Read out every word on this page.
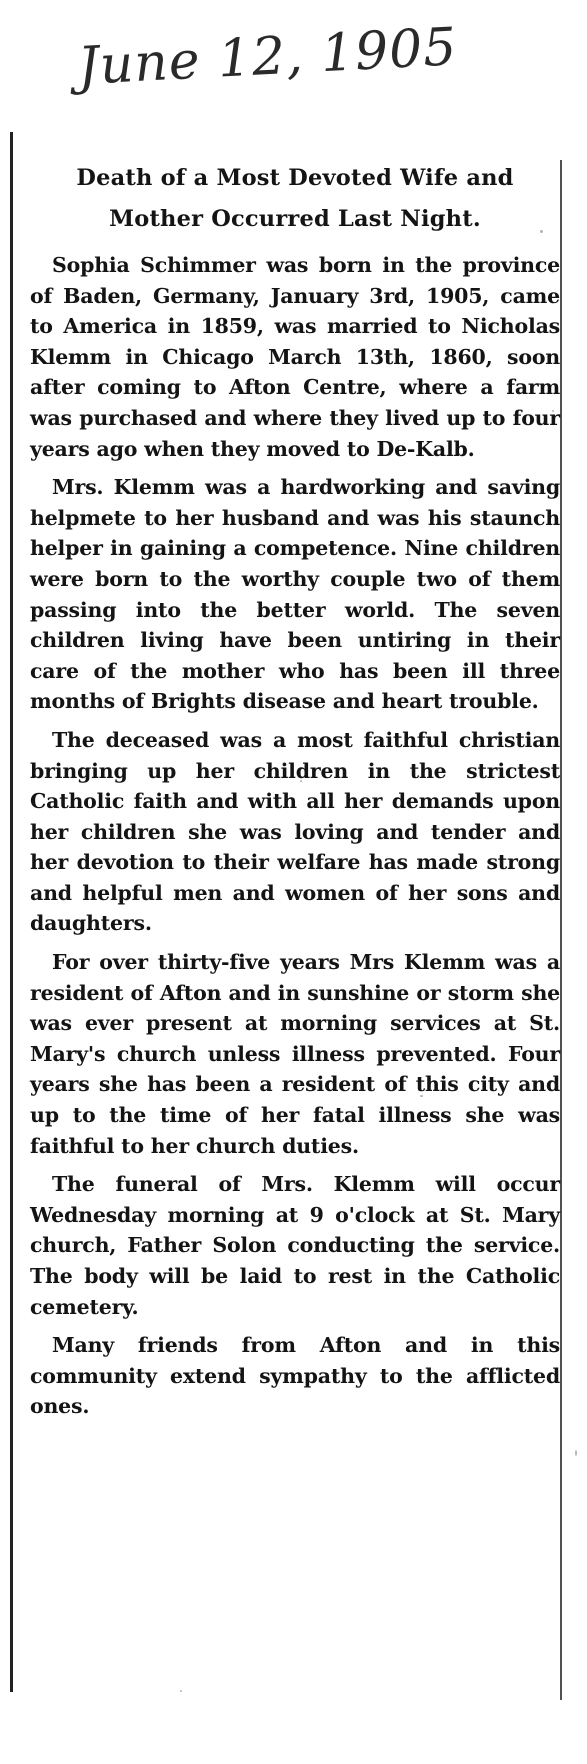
June 12, 1905
Death of a Most Devoted Wife and
Mother Occurred Last Night.

Sophia Schimmer was born in the province of Baden, Germany, January 3rd, 1905, came to America in 1859, was married to Nicholas Klemm in Chicago March 13th, 1860, soon after coming to Afton Centre, where a farm was purchased and where they lived up to four years ago when they moved to De-Kalb.

Mrs. Klemm was a hardworking and saving helpmete to her husband and was his staunch helper in gaining a competence. Nine children were born to the worthy couple two of them passing into the better world. The seven children living have been untiring in their care of the mother who has been ill three months of Brights disease and heart trouble.

The deceased was a most faithful christian bringing up her children in the strictest Catholic faith and with all her demands upon her children she was loving and tender and her devotion to their welfare has made strong and helpful men and women of her sons and daughters.

For over thirty-five years Mrs Klemm was a resident of Afton and in sunshine or storm she was ever present at morning services at St. Mary's church unless illness prevented. Four years she has been a resident of this city and up to the time of her fatal illness she was faithful to her church duties.

The funeral of Mrs. Klemm will occur Wednesday morning at 9 o'clock at St. Mary church, Father Solon conducting the service. The body will be laid to rest in the Catholic cemetery.

Many friends from Afton and in this community extend sympathy to the afflicted ones.
